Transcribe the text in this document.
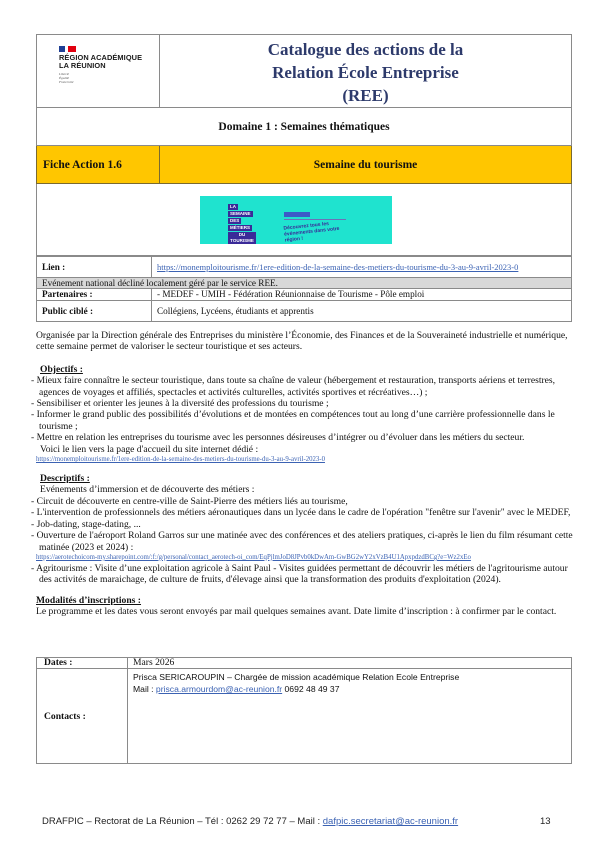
RÉGION ACADÉMIQUE
LA RÉUNION
Liberté
Égalité
Fraternité

Catalogue des actions de la
Relation École Entreprise
(REE)

Domaine 1 : Semaines thématiques	
Fiche Action 1.6	Semaine du tourisme

LA
SEMAINE
DES
MÉTIERS
DU TOURISME
Découvrez tous les événements dans votre région !
Lien :	https://monemploitourisme.fr/1ere-edition-de-la-semaine-des-metiers-du-tourisme-du-3-au-9-avril-2023-0
Evénement national décliné localement géré par le service REE.	
Partenaires :	- MEDEF - UMIH - Fédération Réunionnaise de Tourisme - Pôle emploi
Public ciblé :	Collégiens, Lycéens, étudiants et apprentis

Organisée par la Direction générale des Entreprises du ministère l’Économie, des Finances et de la Souveraineté industrielle et numérique, cette semaine permet de valoriser le secteur touristique et ses acteurs.

Objectifs :

- Mieux faire connaître le secteur touristique, dans toute sa chaîne de valeur (hébergement et restauration, transports aériens et terrestres, agences de voyages et affiliés, spectacles et activités culturelles, activités sportives et récréatives…) ;

- Sensibiliser et orienter les jeunes à la diversité des professions du tourisme ;

- Informer le grand public des possibilités d’évolutions et de montées en compétences tout au long d’une carrière professionnelle dans le tourisme ;

- Mettre en relation les entreprises du tourisme avec les personnes désireuses d’intégrer ou d’évoluer dans les métiers du secteur.

Voici le lien vers la page d'accueil du site internet dédié :

https://monemploitourisme.fr/1ere-edition-de-la-semaine-des-metiers-du-tourisme-du-3-au-9-avril-2023-0

Descriptifs :

Evénements d’immersion et de découverte des métiers :

- Circuit de découverte en centre-ville de Saint-Pierre des métiers liés au tourisme,

- L'intervention de professionnels des métiers aéronautiques dans un lycée dans le cadre de l'opération "fenêtre sur l'avenir" avec le MEDEF,

- Job-dating, stage-dating, ...

- Ouverture de l'aéroport Roland Garros sur une matinée avec des conférences et des ateliers pratiques, ci-après le lien du film résumant cette matinée (2023 et 2024) :

https://aerotechoicom-my.sharepoint.com/:f:/g/personal/contact_aerotech-oi_com/EqPjlmJoD8JPvb0kDwAm-GwBG2wY2xVzB4U1ApxpdzdBCg?e=Wz2xEo

- Agritourisme : Visite d’une exploitation agricole à Saint Paul - Visites guidées permettant de découvrir les métiers de l'agritourisme autour des activités de maraichage, de culture de fruits, d'élevage ainsi que la transformation des produits d'exploitation (2024).

Modalités d’inscriptions :

Le programme et les dates vous seront envoyés par mail quelques semaines avant. Date limite d’inscription : à confirmer par le contact.

Dates :	Mars 2026
Contacts :	Prisca SERICAROUPIN – Chargée de mission académique Relation Ecole Entreprise
Mail : prisca.armourdom@ac-reunion.fr 0692 48 49 37
DRAFPIC – Rectorat de La Réunion – Tél : 0262 29 72 77 – Mail : dafpic.secretariat@ac-reunion.fr	13
